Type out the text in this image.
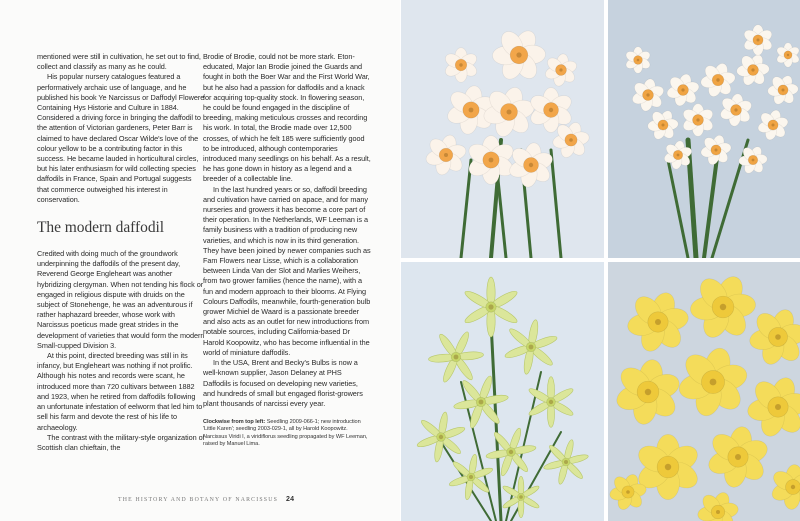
mentioned were still in cultivation, he set out to find, collect and classify as many as he could.

His popular nursery catalogues featured a performatively archaic use of language, and he published his book Ye Narcissus or Daffodyl Flowere Containing Hys Historie and Culture in 1884. Considered a driving force in bringing the daffodil to the attention of Victorian gardeners, Peter Barr is claimed to have declared Oscar Wilde's love of the colour yellow to be a contributing factor in this success. He became lauded in horticultural circles, but his later enthusiasm for wild collecting species daffodils in France, Spain and Portugal suggests that commerce outweighed his interest in conservation.

The modern daffodil

Credited with doing much of the groundwork underpinning the daffodils of the present day, Reverend George Engleheart was another hybridizing clergyman. When not tending his flock or engaged in religious dispute with druids on the subject of Stonehenge, he was an adventurous if rather haphazard breeder, whose work with Narcissus poeticus made great strides in the development of varieties that would form the modern Small-cupped Division 3.

At this point, directed breeding was still in its infancy, but Engleheart was nothing if not prolific. Although his notes and records were scant, he introduced more than 720 cultivars between 1882 and 1923, when he retired from daffodils following an unfortunate infestation of eelworm that led him to sell his farm and devote the rest of his life to archaeology.

The contrast with the military-style organization of Scottish clan chieftain, the

Brodie of Brodie, could not be more stark. Eton-educated, Major Ian Brodie joined the Guards and fought in both the Boer War and the First World War, but he also had a passion for daffodils and a knack for acquiring top-quality stock. In flowering season, he could be found engaged in the discipline of breeding, making meticulous crosses and recording his work. In total, the Brodie made over 12,500 crosses, of which he felt 185 were sufficiently good to be introduced, although contemporaries introduced many seedlings on his behalf. As a result, he has gone down in history as a legend and a breeder of a collectable line.

In the last hundred years or so, daffodil breeding and cultivation have carried on apace, and for many nurseries and growers it has become a core part of their operation. In the Netherlands, WF Leeman is a family business with a tradition of producing new varieties, and which is now in its third generation. They have been joined by newer companies such as Fam Flowers near Lisse, which is a collaboration between Linda Van der Slot and Marlies Weihers, from two grower families (hence the name), with a fun and modern approach to their blooms. At Flying Colours Daffodils, meanwhile, fourth-generation bulb grower Michiel de Waard is a passionate breeder and also acts as an outlet for new introductions from notable sources, including California-based Dr Harold Koopowitz, who has become influential in the world of miniature daffodils.

In the USA, Brent and Becky's Bulbs is now a well-known supplier, Jason Delaney at PHS Daffodils is focused on developing new varieties, and hundreds of small but engaged florist-growers plant thousands of narcissi every year.

Clockwise from top left: Seedling 2009-066-1; new introduction 'Little Karen'; seedling 2003-029-1, all by Harold Koopowitz. Narcissus Viridi I, a viridiflorus seedling propagated by WF Leeman, raised by Manuel Lima.
THE HISTORY AND BOTANY OF NARCISSUS 24
